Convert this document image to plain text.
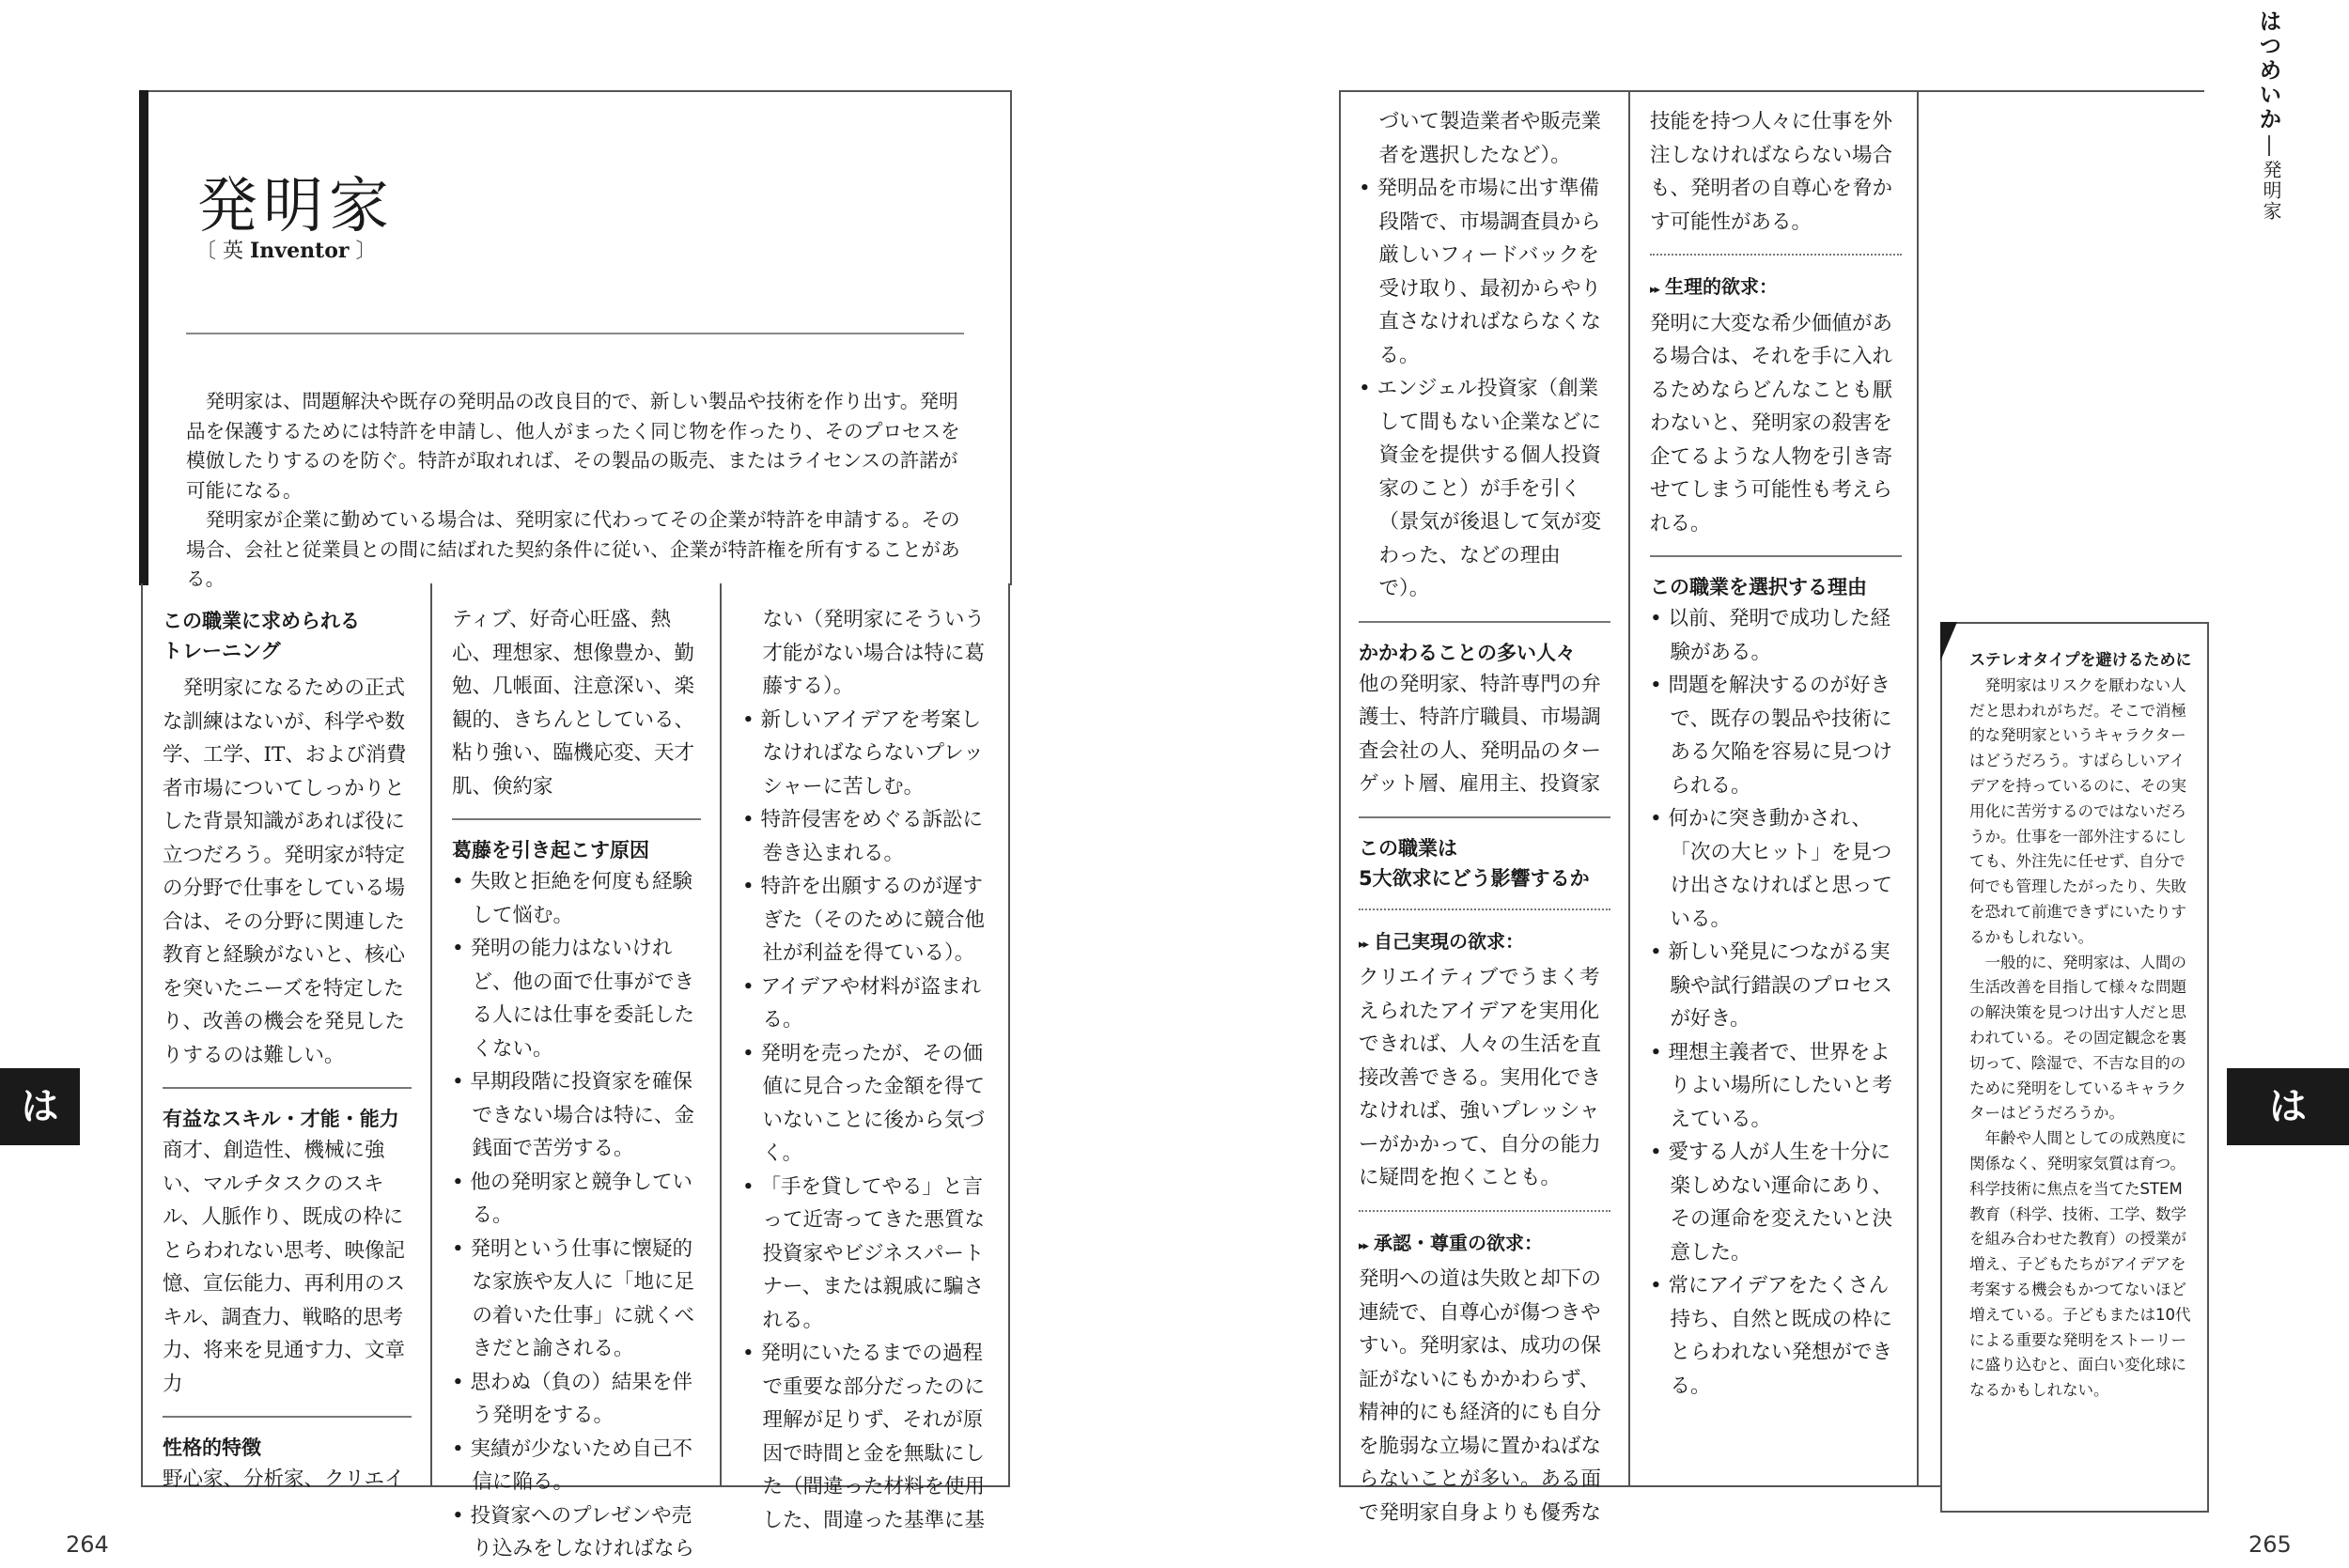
発明家
〔 英 Inventor 〕

発明家は、問題解決や既存の発明品の改良目的で、新しい製品や技術を作り出す。発明品を保護するためには特許を申請し、他人がまったく同じ物を作ったり、そのプロセスを模倣したりするのを防ぐ。特許が取れれば、その製品の販売、またはライセンスの許諾が可能になる。

発明家が企業に勤めている場合は、発明家に代わってその企業が特許を申請する。その場合、会社と従業員との間に結ばれた契約条件に従い、企業が特許権を所有することがある。

この職業に求められる
トレーニング

発明家になるための正式な訓練はないが、科学や数学、工学、IT、および消費者市場についてしっかりとした背景知識があれば役に立つだろう。発明家が特定の分野で仕事をしている場合は、その分野に関連した教育と経験がないと、核心を突いたニーズを特定したり、改善の機会を発見したりするのは難しい。

有益なスキル・才能・能力

商才、創造性、機械に強い、マルチタスクのスキル、人脈作り、既成の枠にとらわれない思考、映像記憶、宣伝能力、再利用のスキル、調査力、戦略的思考力、将来を見通す力、文章力

性格的特徴

野心家、分析家、クリエイ

ティブ、好奇心旺盛、熱心、理想家、想像豊か、勤勉、几帳面、注意深い、楽観的、きちんとしている、粘り強い、臨機応変、天才肌、倹約家

葛藤を引き起こす原因
• 失敗と拒絶を何度も経験して悩む。
• 発明の能力はないけれど、他の面で仕事ができる人には仕事を委託したくない。
• 早期段階に投資家を確保できない場合は特に、金銭面で苦労する。
• 他の発明家と競争している。
• 発明という仕事に懐疑的な家族や友人に「地に足の着いた仕事」に就くべきだと諭される。
• 思わぬ（負の）結果を伴う発明をする。
• 実績が少ないため自己不信に陥る。
• 投資家へのプレゼンや売り込みをしなければなら

ない（発明家にそういう才能がない場合は特に葛藤する）。

• 新しいアイデアを考案しなければならないプレッシャーに苦しむ。
• 特許侵害をめぐる訴訟に巻き込まれる。
• 特許を出願するのが遅すぎた（そのために競合他社が利益を得ている）。
• アイデアや材料が盗まれる。
• 発明を売ったが、その価値に見合った金額を得ていないことに後から気づく。
• 「手を貸してやる」と言って近寄ってきた悪質な投資家やビジネスパートナー、または親戚に騙される。
• 発明にいたるまでの過程で重要な部分だったのに理解が足りず、それが原因で時間と金を無駄にした（間違った材料を使用した、間違った基準に基
は
264

づいて製造業者や販売業者を選択したなど）。

• 発明品を市場に出す準備段階で、市場調査員から厳しいフィードバックを受け取り、最初からやり直さなければならなくなる。
• エンジェル投資家（創業して間もない企業などに資金を提供する個人投資家のこと）が手を引く（景気が後退して気が変わった、などの理由で）。
かかわることの多い人々

他の発明家、特許専門の弁護士、特許庁職員、市場調査会社の人、発明品のターゲット層、雇用主、投資家

この職業は
5大欲求にどう影響するか
▸▸ 自己実現の欲求：

クリエイティブでうまく考えられたアイデアを実用化できれば、人々の生活を直接改善できる。実用化できなければ、強いプレッシャーがかかって、自分の能力に疑問を抱くことも。

▸▸ 承認・尊重の欲求：

発明への道は失敗と却下の連続で、自尊心が傷つきやすい。発明家は、成功の保証がないにもかかわらず、精神的にも経済的にも自分を脆弱な立場に置かねばならないことが多い。ある面で発明家自身よりも優秀な

技能を持つ人々に仕事を外注しなければならない場合も、発明者の自尊心を脅かす可能性がある。

▸▸ 生理的欲求：

発明に大変な希少価値がある場合は、それを手に入れるためならどんなことも厭わないと、発明家の殺害を企てるような人物を引き寄せてしまう可能性も考えられる。

この職業を選択する理由
• 以前、発明で成功した経験がある。
• 問題を解決するのが好きで、既存の製品や技術にある欠陥を容易に見つけられる。
• 何かに突き動かされ、「次の大ヒット」を見つけ出さなければと思っている。
• 新しい発見につながる実験や試行錯誤のプロセスが好き。
• 理想主義者で、世界をよりよい場所にしたいと考えている。
• 愛する人が人生を十分に楽しめない運命にあり、その運命を変えたいと決意した。
• 常にアイデアをたくさん持ち、自然と既成の枠にとらわれない発想ができる。
はつめいか
発明家
ステレオタイプを避けるために

発明家はリスクを厭わない人だと思われがちだ。そこで消極的な発明家というキャラクターはどうだろう。すばらしいアイデアを持っているのに、その実用化に苦労するのではないだろうか。仕事を一部外注するにしても、外注先に任せず、自分で何でも管理したがったり、失敗を恐れて前進できずにいたりするかもしれない。

一般的に、発明家は、人間の生活改善を目指して様々な問題の解決策を見つけ出す人だと思われている。その固定観念を裏切って、陰湿で、不吉な目的のために発明をしているキャラクターはどうだろうか。

年齢や人間としての成熟度に関係なく、発明家気質は育つ。科学技術に焦点を当てたSTEM教育（科学、技術、工学、数学を組み合わせた教育）の授業が増え、子どもたちがアイデアを考案する機会もかつてないほど増えている。子どもまたは10代による重要な発明をストーリーに盛り込むと、面白い変化球になるかもしれない。

は
265
